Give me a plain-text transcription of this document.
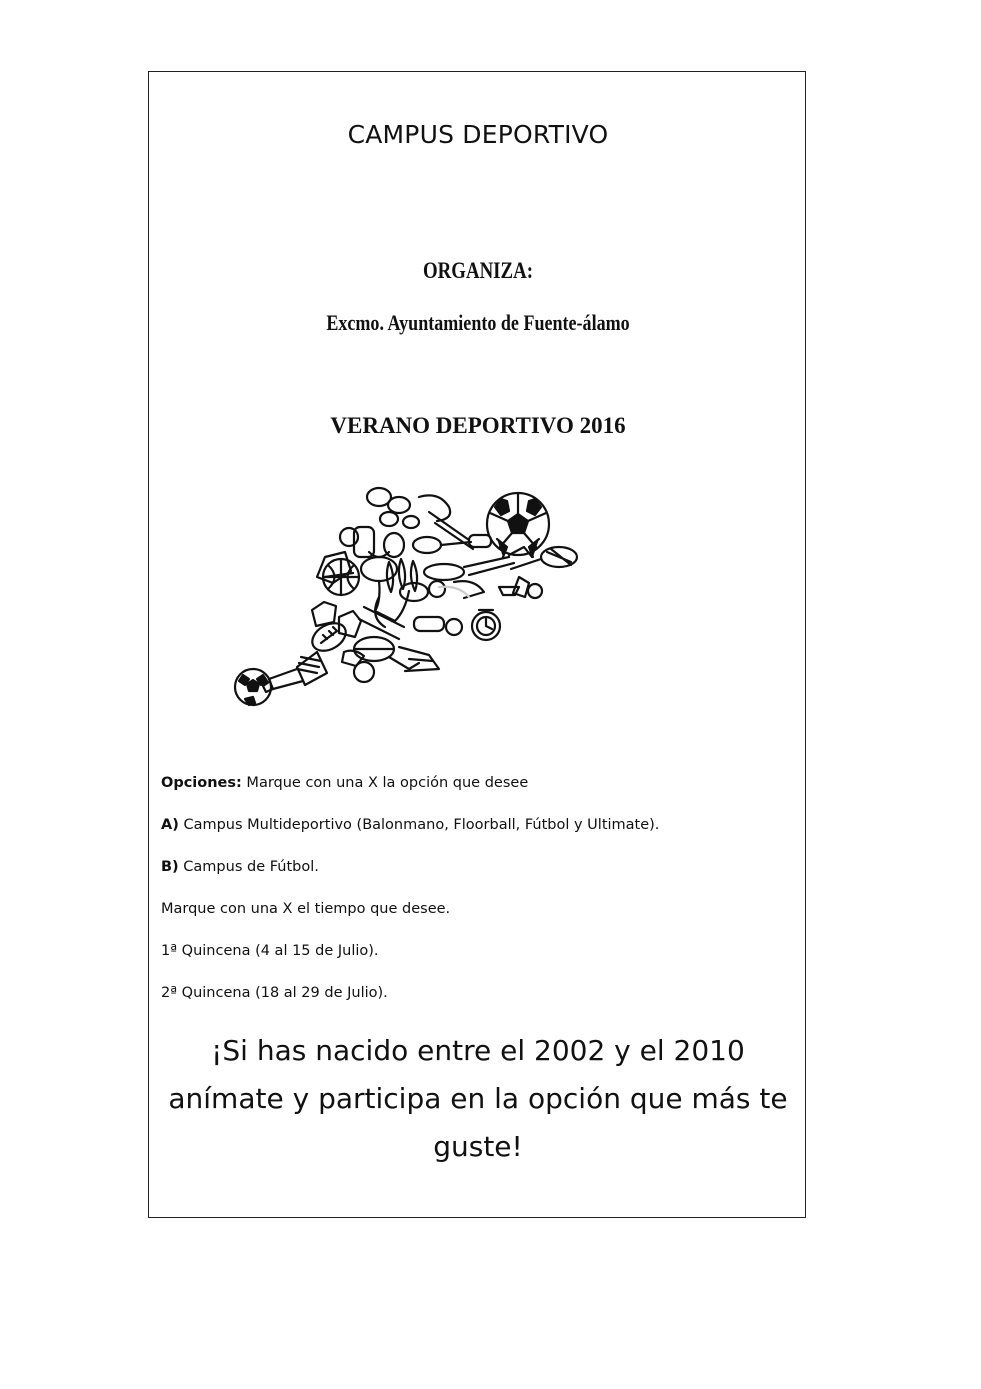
CAMPUS DEPORTIVO
ORGANIZA:
Excmo. Ayuntamiento de Fuente-álamo
VERANO DEPORTIVO 2016
Opciones: Marque con una X la opción que desee
A) Campus Multideportivo (Balonmano, Floorball, Fútbol y Ultimate).
B) Campus de Fútbol.
Marque con una X el tiempo que desee.
1ª Quincena (4 al 15 de Julio).
2ª Quincena (18 al 29 de Julio).
¡Si has nacido entre el 2002 y el 2010
anímate y participa en la opción que más te
guste!
